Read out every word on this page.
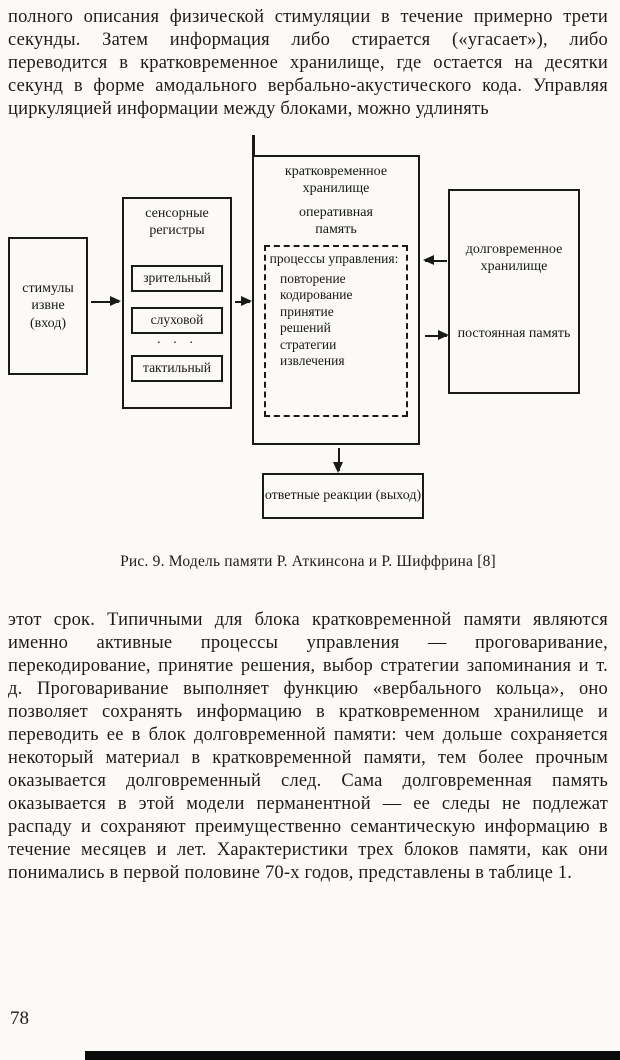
полного описания физической стимуляции в течение примерно трети секунды. Затем информация либо стирается («угасает»), либо переводится в кратковременное хранилище, где остается на десятки секунд в форме амодального вербально-акустического кода. Управляя циркуляцией информации между блоками, можно удлинять

стимулы извне (вход)
сенсорные регистры
зрительный
слуховой
· · ·
тактильный
кратковременное хранилище
оперативная память
процессы управления:
повторение
кодирование
принятие решений
стратегии извлечения
долговременное хранилище
постоянная память
ответные реакции (выход)

Рис. 9. Модель памяти Р. Аткинсона и Р. Шиффрина [8]

этот срок. Типичными для блока кратковременной памяти являются именно активные процессы управления — проговаривание, перекодирование, принятие решения, выбор стратегии запоминания и т. д. Проговаривание выполняет функцию «вербального кольца», оно позволяет сохранять информацию в кратковременном хранилище и переводить ее в блок долговременной памяти: чем дольше сохраняется некоторый материал в кратковременной памяти, тем более прочным оказывается долговременный след. Сама долговременная память оказывается в этой модели перманентной — ее следы не подлежат распаду и сохраняют преимущественно семантическую информацию в течение месяцев и лет. Характеристики трех блоков памяти, как они понимались в первой половине 70-х годов, представлены в таблице 1.

78
